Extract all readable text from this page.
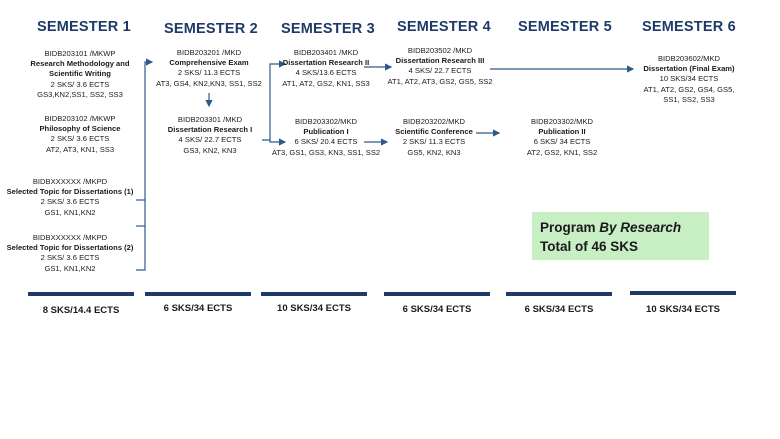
SEMESTER 1 SEMESTER 2 SEMESTER 3 SEMESTER 4 SEMESTER 5 SEMESTER 6
BIDB203101 /MKWP
Research Methodology and
Scientific Writing
2 SKS/ 3.6 ECTS
GS3,KN2,SS1, SS2, SS3
BIDB203102 /MKWP
Philosophy of Science
2 SKS/ 3.6 ECTS
AT2, AT3, KN1, SS3
BIDBXXXXXX /MKPD
Selected Topic for Dissertations (1)
2 SKS/ 3.6 ECTS
GS1, KN1,KN2
BIDBXXXXXX /MKPD
Selected Topic for Dissertations (2)
2 SKS/ 3.6 ECTS
GS1, KN1,KN2
BIDB203201 /MKD
Comprehensive Exam
2 SKS/ 11.3 ECTS
AT3, GS4, KN2,KN3, SS1, SS2
BIDB203301 /MKD
Dissertation Research I
4 SKS/ 22.7 ECTS
GS3, KN2, KN3
BIDB203401 /MKD
Dissertation Research II
4 SKS/13.6 ECTS
AT1, AT2, GS2, KN1, SS3
BIDB203302/MKD
Publication I
6 SKS/ 20.4 ECTS
AT3, GS1, GS3, KN3, SS1, SS2
BIDB203502 /MKD
Dissertation Research III
4 SKS/ 22.7 ECTS
AT1, AT2, AT3, GS2, GS5, SS2
BIDB203202/MKD
Scientific Conference
2 SKS/ 11.3 ECTS
GS5, KN2, KN3
BIDB203302/MKD
Publication II
6 SKS/ 34 ECTS
AT2, GS2, KN1, SS2
BIDB203602/MKD
Dissertation (Final Exam)
10 SKS/34 ECTS
AT1, AT2, GS2, GS4, GS5,
SS1, SS2, SS3
Program By Research
Total of 46 SKS
8 SKS/14.4 ECTS	6 SKS/34 ECTS	10 SKS/34 ECTS	6 SKS/34 ECTS	6 SKS/34 ECTS	10 SKS/34 ECTS
